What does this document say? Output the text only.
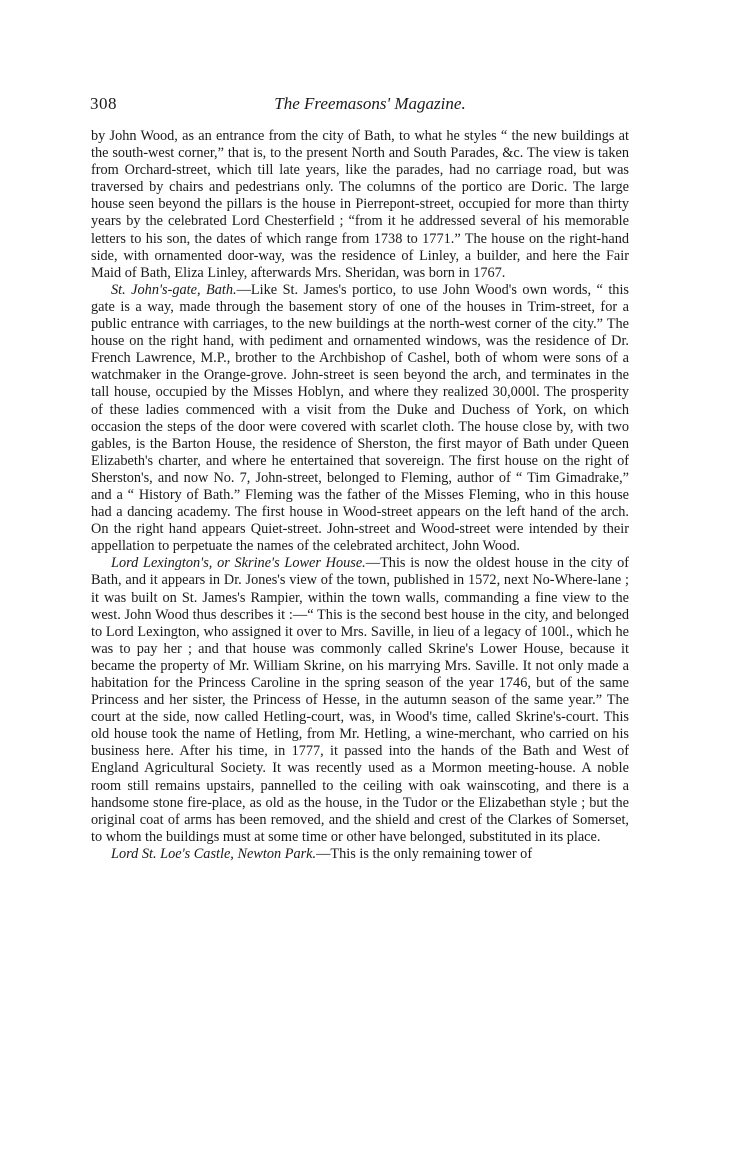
308	The Freemasons' Magazine.

by John Wood, as an entrance from the city of Bath, to what he styles “ the new buildings at the south-west corner,” that is, to the present North and South Parades, &c. The view is taken from Orchard-street, which till late years, like the parades, had no carriage road, but was traversed by chairs and pedestrians only. The columns of the portico are Doric. The large house seen beyond the pillars is the house in Pierrepont-street, occupied for more than thirty years by the celebrated Lord Chesterfield ; “from it he addressed several of his memorable letters to his son, the dates of which range from 1738 to 1771.” The house on the right-hand side, with ornamented door-way, was the residence of Linley, a builder, and here the Fair Maid of Bath, Eliza Linley, afterwards Mrs. Sheridan, was born in 1767.

St. John's-gate, Bath.—Like St. James's portico, to use John Wood's own words, “ this gate is a way, made through the basement story of one of the houses in Trim-street, for a public entrance with carriages, to the new buildings at the north-west corner of the city.” The house on the right hand, with pediment and ornamented windows, was the residence of Dr. French Lawrence, M.P., brother to the Archbishop of Cashel, both of whom were sons of a watchmaker in the Orange-grove. John-street is seen beyond the arch, and terminates in the tall house, occupied by the Misses Hoblyn, and where they realized 30,000l. The prosperity of these ladies commenced with a visit from the Duke and Duchess of York, on which occasion the steps of the door were covered with scarlet cloth. The house close by, with two gables, is the Barton House, the residence of Sherston, the first mayor of Bath under Queen Elizabeth's charter, and where he entertained that sovereign. The first house on the right of Sherston's, and now No. 7, John-street, belonged to Fleming, author of “ Tim Gimadrake,” and a “ History of Bath.” Fleming was the father of the Misses Fleming, who in this house had a dancing academy. The first house in Wood-street appears on the left hand of the arch. On the right hand appears Quiet-street. John-street and Wood-street were intended by their appellation to perpetuate the names of the celebrated architect, John Wood.

Lord Lexington's, or Skrine's Lower House.—This is now the oldest house in the city of Bath, and it appears in Dr. Jones's view of the town, published in 1572, next No-Where-lane ; it was built on St. James's Rampier, within the town walls, commanding a fine view to the west. John Wood thus describes it :—“ This is the second best house in the city, and belonged to Lord Lexington, who assigned it over to Mrs. Saville, in lieu of a legacy of 100l., which he was to pay her ; and that house was commonly called Skrine's Lower House, because it became the property of Mr. William Skrine, on his marrying Mrs. Saville. It not only made a habitation for the Princess Caroline in the spring season of the year 1746, but of the same Princess and her sister, the Princess of Hesse, in the autumn season of the same year.” The court at the side, now called Hetling-court, was, in Wood's time, called Skrine's-court. This old house took the name of Hetling, from Mr. Hetling, a wine-merchant, who carried on his business here. After his time, in 1777, it passed into the hands of the Bath and West of England Agricultural Society. It was recently used as a Mormon meeting-house. A noble room still remains upstairs, pannelled to the ceiling with oak wainscoting, and there is a handsome stone fire-place, as old as the house, in the Tudor or the Elizabethan style ; but the original coat of arms has been removed, and the shield and crest of the Clarkes of Somerset, to whom the buildings must at some time or other have belonged, substituted in its place.

Lord St. Loe's Castle, Newton Park.—This is the only remaining tower of
